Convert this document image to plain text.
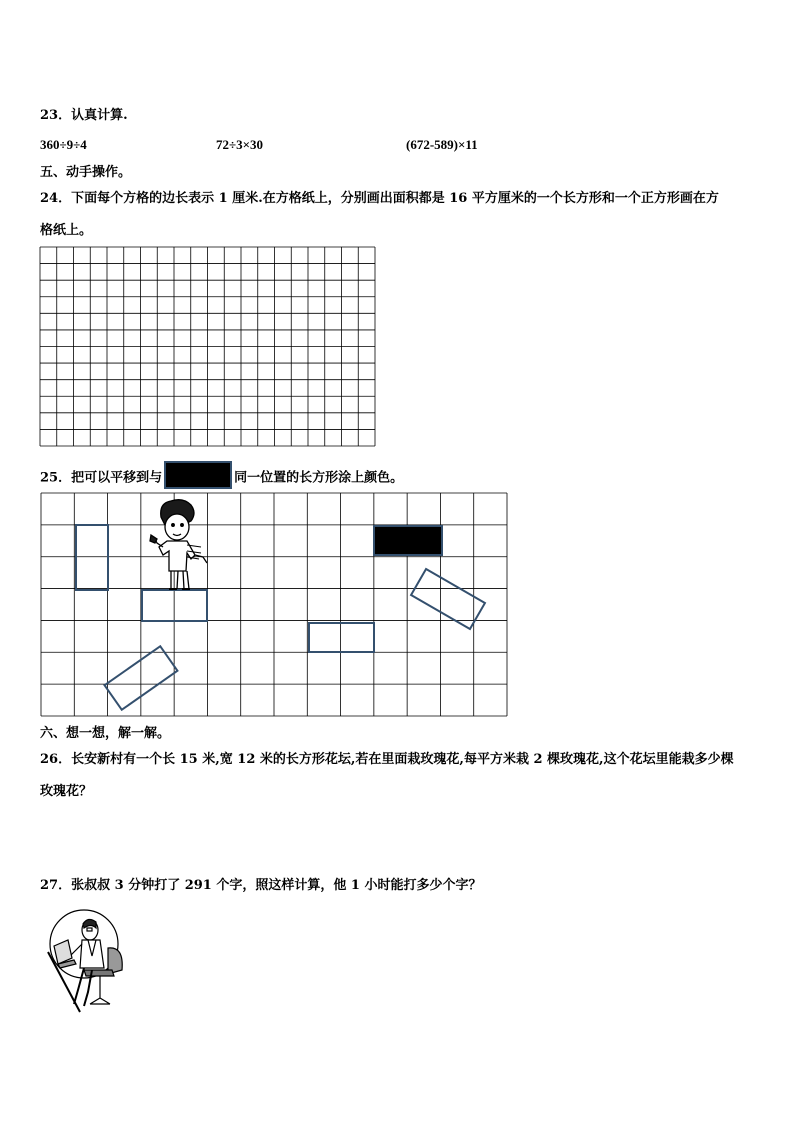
23．认真计算.
360÷9÷4	72÷3×30	(672-589)×11
五、动手操作。
24．下面每个方格的边长表示 1 厘米.在方格纸上，分别画出面积都是 16 平方厘米的一个长方形和一个正方形画在方
格纸上。
25．把可以平移到与	同一位置的长方形涂上颜色。
六、想一想，解一解。
26．长安新村有一个长 15 米,宽 12 米的长方形花坛,若在里面栽玫瑰花,每平方米栽 2 棵玫瑰花,这个花坛里能栽多少棵
玫瑰花？
27．张叔叔 3 分钟打了 291 个字，照这样计算，他 1 小时能打多少个字？
